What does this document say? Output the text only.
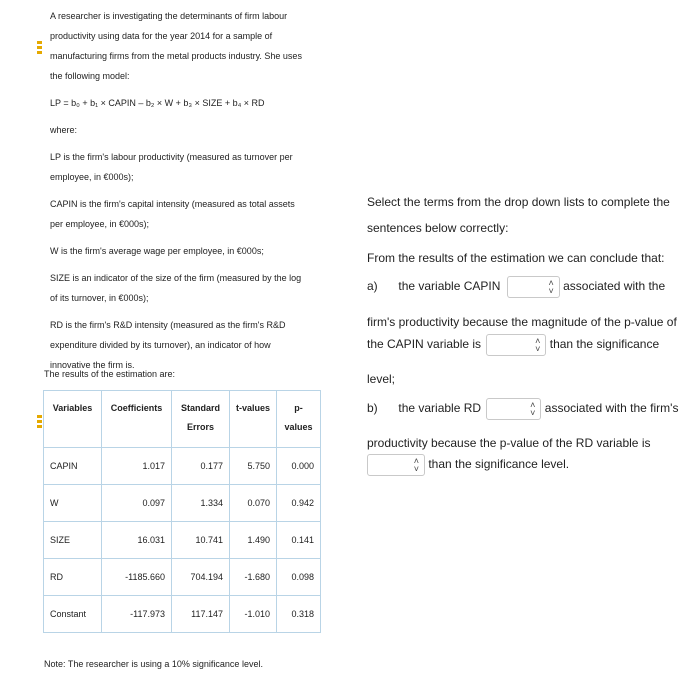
A researcher is investigating the determinants of firm labour productivity using data for the year 2014 for a sample of manufacturing firms from the metal products industry. She uses the following model:

LP = b₀ + b₁ × CAPIN – b₂ × W + b₃ × SIZE + b₄ × RD

where:

LP is the firm's labour productivity (measured as turnover per employee, in €000s);

CAPIN is the firm's capital intensity (measured as total assets per employee, in €000s);

W is the firm's average wage per employee, in €000s;

SIZE is an indicator of the size of the firm (measured by the log of its turnover, in €000s);

RD is the firm's R&D intensity (measured as the firm's R&D expenditure divided by its turnover), an indicator of how innovative the firm is.

The results of the estimation are:
Variables	Coefficients	Standard Errors	t-values	p-values
CAPIN	1.017	0.177	5.750	0.000
W	0.097	1.334	0.070	0.942
SIZE	16.031	10.741	1.490	0.141
RD	-1185.660	704.194	-1.680	0.098
Constant	-117.973	117.147	-1.010	0.318
Note: The researcher is using a 10% significance level.
Select the terms from the drop down lists to complete the
sentences below correctly:
From the results of the estimation we can conclude that:
a) the variable CAPIN	˄
˅ associated with the
firm's productivity because the magnitude of the p-value of
the CAPIN variable is	˄
˅ than the significance
level;
b) the variable RD	˄
˅ associated with the firm's
productivity because the p-value of the RD variable is
˄
˅ than the significance level.
